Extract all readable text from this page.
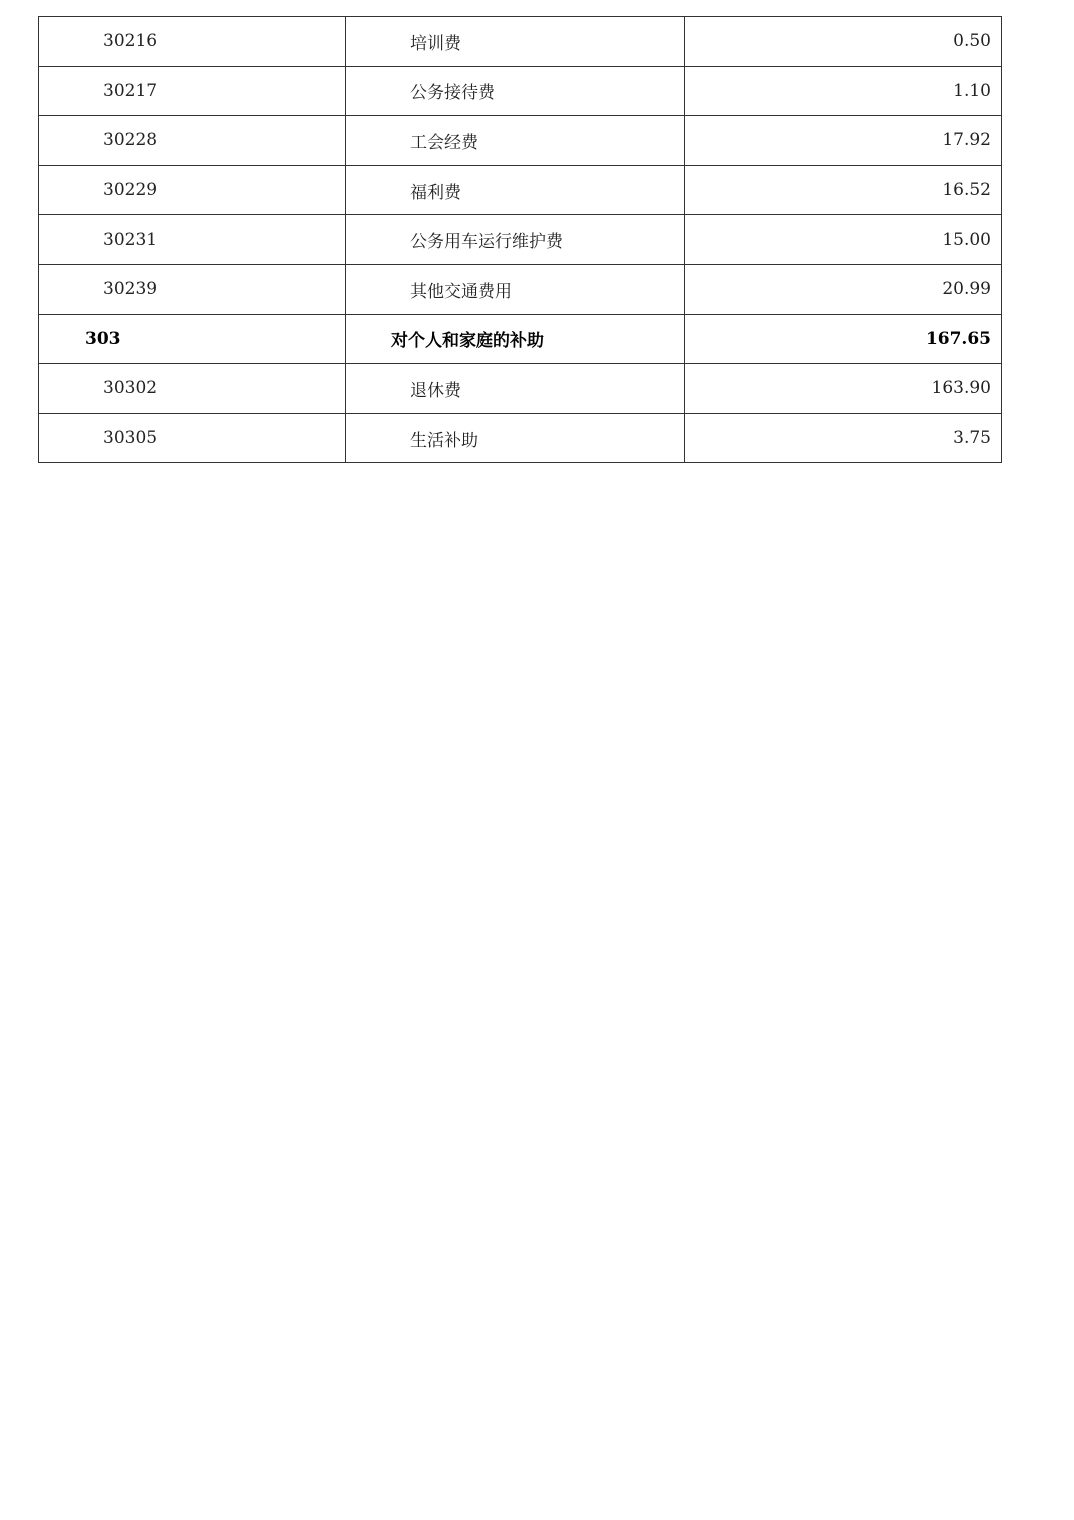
30216	培训费	0.50
30217	公务接待费	1.10
30228	工会经费	17.92
30229	福利费	16.52
30231	公务用车运行维护费	15.00
30239	其他交通费用	20.99
303	对个人和家庭的补助	167.65
30302	退休费	163.90
30305	生活补助	3.75
